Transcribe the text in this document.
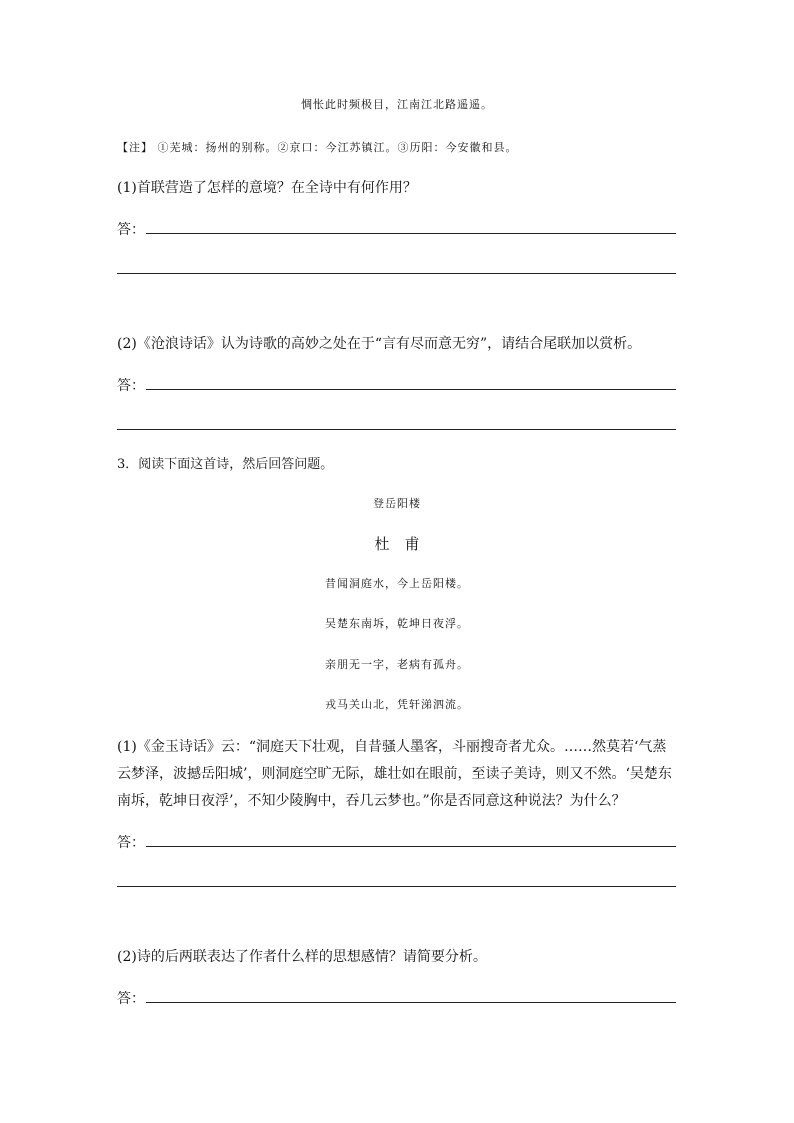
惆怅此时频极目，江南江北路遥遥。
【注】 ①芜城：扬州的别称。②京口：今江苏镇江。③历阳：今安徽和县。
(1)首联营造了怎样的意境？在全诗中有何作用？
答：
(2)《沧浪诗话》认为诗歌的高妙之处在于“言有尽而意无穷”，请结合尾联加以赏析。
答：
3．阅读下面这首诗，然后回答问题。
登岳阳楼
杜　甫
昔闻洞庭水，今上岳阳楼。
吴楚东南坼，乾坤日夜浮。
亲朋无一字，老病有孤舟。
戎马关山北，凭轩涕泗流。
(1)《金玉诗话》云：“洞庭天下壮观，自昔骚人墨客，斗丽搜奇者尤众。……然莫若‘气蒸
云梦泽，波撼岳阳城’，则洞庭空旷无际，雄壮如在眼前，至读子美诗，则又不然。‘吴楚东
南坼，乾坤日夜浮’，不知少陵胸中，吞几云梦也。”你是否同意这种说法？为什么？
答：
(2)诗的后两联表达了作者什么样的思想感情？请简要分析。
答：
